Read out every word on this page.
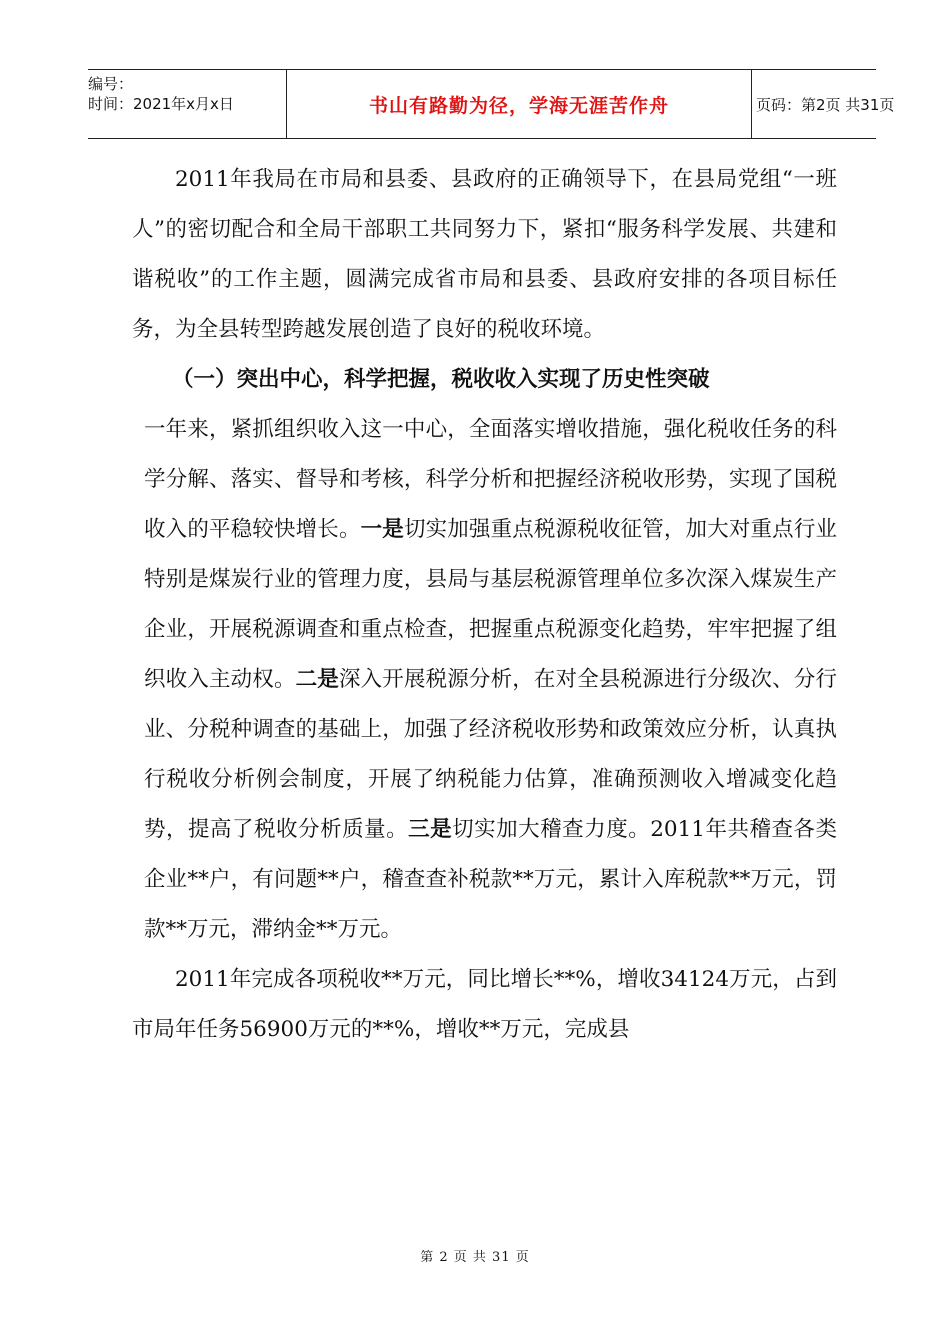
编号：
时间：2021年x月x日	书山有路勤为径，学海无涯苦作舟	页码：第2页 共31页

2011年我局在市局和县委、县政府的正确领导下，在县局党组“一班人”的密切配合和全局干部职工共同努力下，紧扣“服务科学发展、共建和谐税收”的工作主题，圆满完成省市局和县委、县政府安排的各项目标任务，为全县转型跨越发展创造了良好的税收环境。

（一）突出中心，科学把握，税收收入实现了历史性突破

一年来，紧抓组织收入这一中心，全面落实增收措施，强化税收任务的科学分解、落实、督导和考核，科学分析和把握经济税收形势，实现了国税收入的平稳较快增长。一是切实加强重点税源税收征管，加大对重点行业特别是煤炭行业的管理力度，县局与基层税源管理单位多次深入煤炭生产企业，开展税源调查和重点检查，把握重点税源变化趋势，牢牢把握了组织收入主动权。二是深入开展税源分析，在对全县税源进行分级次、分行业、分税种调查的基础上，加强了经济税收形势和政策效应分析，认真执行税收分析例会制度，开展了纳税能力估算，准确预测收入增减变化趋势，提高了税收分析质量。三是切实加大稽查力度。2011年共稽查各类企业**户，有问题**户，稽查查补税款**万元，累计入库税款**万元，罚款**万元，滞纳金**万元。

2011年完成各项税收**万元，同比增长**%，增收34124万元，占到市局年任务56900万元的**%，增收**万元，完成县

第 2 页 共 31 页
